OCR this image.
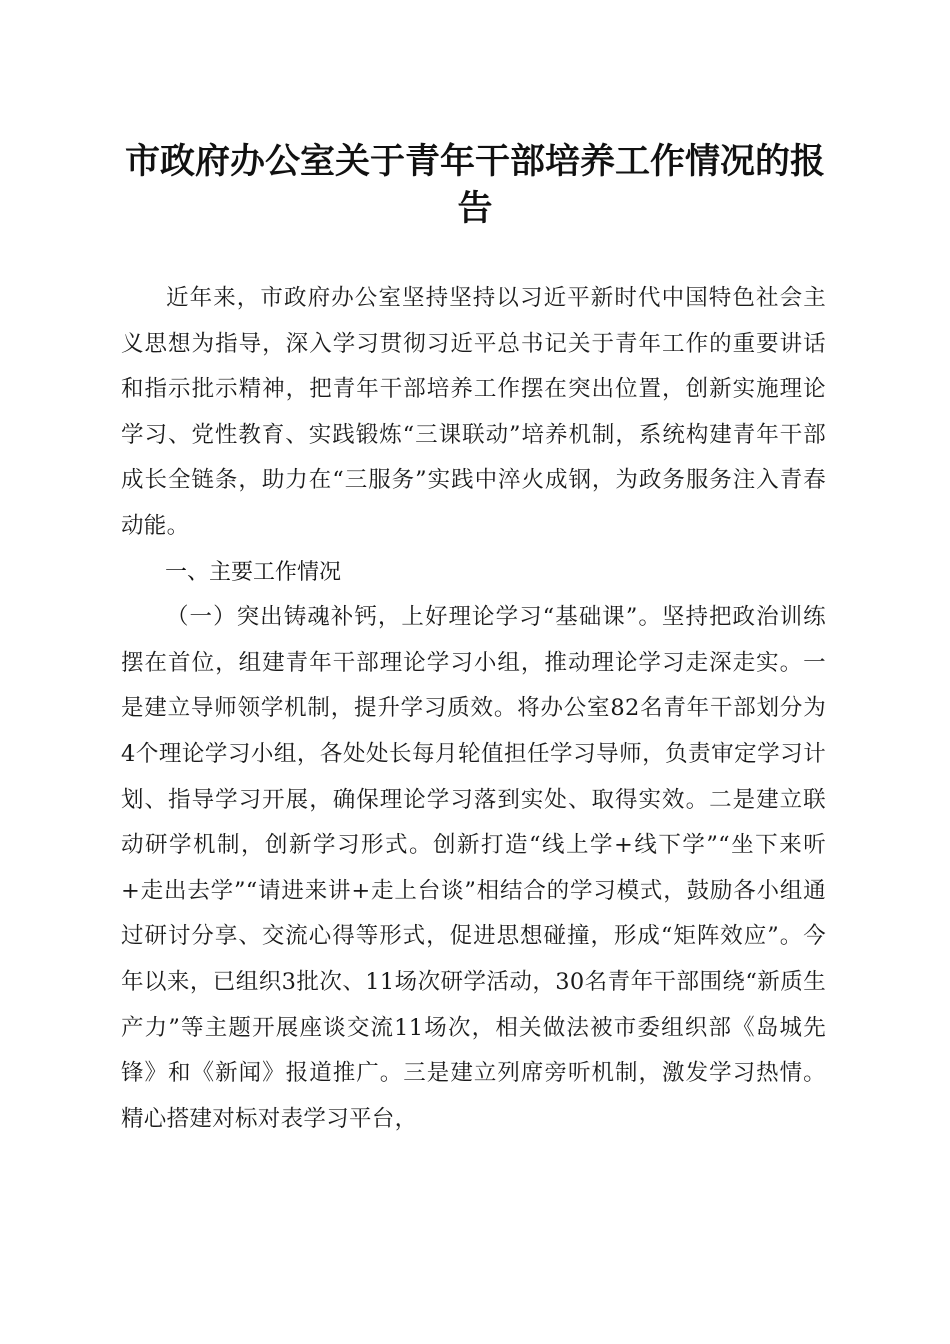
市政府办公室关于青年干部培养工作情况的报告

近年来，市政府办公室坚持坚持以习近平新时代中国特色社会主义思想为指导，深入学习贯彻习近平总书记关于青年工作的重要讲话和指示批示精神，把青年干部培养工作摆在突出位置，创新实施理论学习、党性教育、实践锻炼“三课联动”培养机制，系统构建青年干部成长全链条，助力在“三服务”实践中淬火成钢，为政务服务注入青春动能。

一、主要工作情况

（一）突出铸魂补钙，上好理论学习“基础课”。坚持把政治训练摆在首位，组建青年干部理论学习小组，推动理论学习走深走实。一是建立导师领学机制，提升学习质效。将办公室82名青年干部划分为4个理论学习小组，各处处长每月轮值担任学习导师，负责审定学习计划、指导学习开展，确保理论学习落到实处、取得实效。二是建立联动研学机制，创新学习形式。创新打造“线上学+线下学”“坐下来听+走出去学”“请进来讲+走上台谈”相结合的学习模式，鼓励各小组通过研讨分享、交流心得等形式，促进思想碰撞，形成“矩阵效应”。今年以来，已组织3批次、11场次研学活动，30名青年干部围绕“新质生产力”等主题开展座谈交流11场次，相关做法被市委组织部《岛城先锋》和《新闻》报道推广。三是建立列席旁听机制，激发学习热情。精心搭建对标对表学习平台，
